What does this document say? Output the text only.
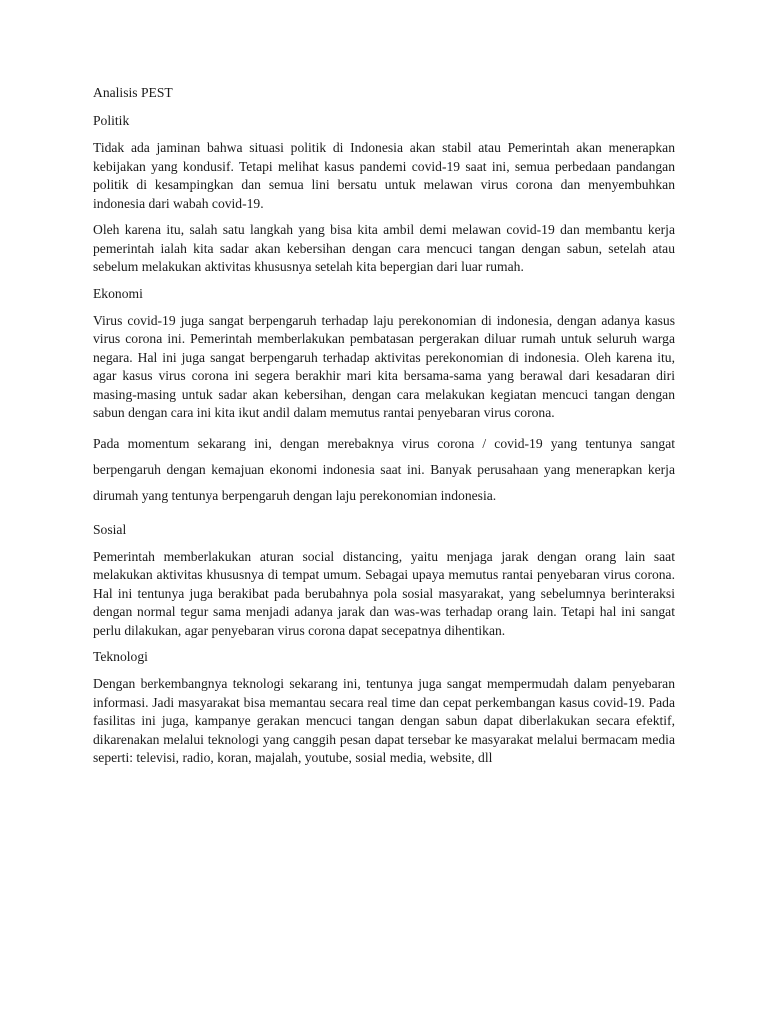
Analisis PEST
Politik

Tidak ada jaminan bahwa situasi politik di Indonesia akan stabil atau Pemerintah akan menerapkan kebijakan yang kondusif. Tetapi melihat kasus pandemi covid-19 saat ini, semua perbedaan pandangan politik di kesampingkan dan semua lini bersatu untuk melawan virus corona dan menyembuhkan indonesia dari wabah covid-19.

Oleh karena itu, salah satu langkah yang bisa kita ambil demi melawan covid-19 dan membantu kerja pemerintah ialah kita sadar akan kebersihan dengan cara mencuci tangan dengan sabun, setelah atau sebelum melakukan aktivitas khususnya setelah kita bepergian dari luar rumah.

Ekonomi

Virus covid-19 juga sangat berpengaruh terhadap laju perekonomian di indonesia, dengan adanya kasus virus corona ini. Pemerintah memberlakukan pembatasan pergerakan diluar rumah untuk seluruh warga negara. Hal ini juga sangat berpengaruh terhadap aktivitas perekonomian di indonesia. Oleh karena itu, agar kasus virus corona ini segera berakhir mari kita bersama-sama yang berawal dari kesadaran diri masing-masing untuk sadar akan kebersihan, dengan cara melakukan kegiatan mencuci tangan dengan sabun dengan cara ini kita ikut andil dalam memutus rantai penyebaran virus corona.

Pada momentum sekarang ini, dengan merebaknya virus corona / covid-19 yang tentunya sangat berpengaruh dengan kemajuan ekonomi indonesia saat ini. Banyak perusahaan yang menerapkan kerja dirumah yang tentunya berpengaruh dengan laju perekonomian indonesia.

Sosial

Pemerintah memberlakukan aturan social distancing, yaitu menjaga jarak dengan orang lain saat melakukan aktivitas khususnya di tempat umum. Sebagai upaya memutus rantai penyebaran virus corona. Hal ini tentunya juga berakibat pada berubahnya pola sosial masyarakat, yang sebelumnya berinteraksi dengan normal tegur sama menjadi adanya jarak dan was-was terhadap orang lain. Tetapi hal ini sangat perlu dilakukan, agar penyebaran virus corona dapat secepatnya dihentikan.

Teknologi

Dengan berkembangnya teknologi sekarang ini, tentunya juga sangat mempermudah dalam penyebaran informasi. Jadi masyarakat bisa memantau secara real time dan cepat perkembangan kasus covid-19. Pada fasilitas ini juga, kampanye gerakan mencuci tangan dengan sabun dapat diberlakukan secara efektif, dikarenakan melalui teknologi yang canggih pesan dapat tersebar ke masyarakat melalui bermacam media seperti: televisi, radio, koran, majalah, youtube, sosial media, website, dll
